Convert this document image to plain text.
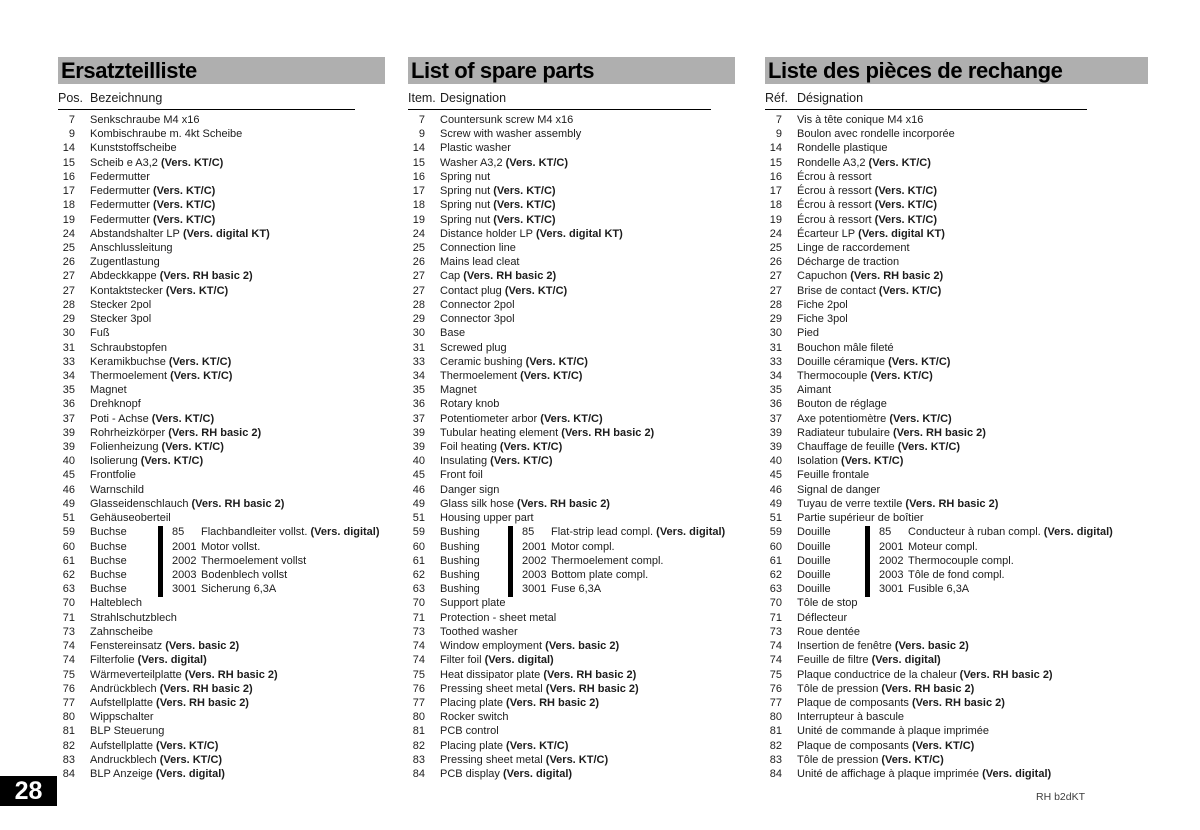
Ersatzteilliste
Pos. Bezeichnung
7 Senkschraube M4 x16
9 Kombischraube m. 4kt Scheibe
14 Kunststoffscheibe
15 Scheib e A3,2 (Vers. KT/C)
16 Federmutter
17 Federmutter (Vers. KT/C)
18 Federmutter (Vers. KT/C)
19 Federmutter (Vers. KT/C)
24 Abstandshalter LP (Vers. digital KT)
25 Anschlussleitung
26 Zugentlastung
27 Abdeckkappe (Vers. RH basic 2)
27 Kontaktstecker (Vers. KT/C)
28 Stecker 2pol
29 Stecker 3pol
30 Fuß
31 Schraubstopfen
33 Keramikbuchse (Vers. KT/C)
34 Thermoelement (Vers. KT/C)
35 Magnet
36 Drehknopf
37 Poti - Achse (Vers. KT/C)
39 Rohrheizkörper (Vers. RH basic 2)
39 Folienheizung (Vers. KT/C)
40 Isolierung (Vers. KT/C)
45 Frontfolie
46 Warnschild
49 Glasseidenschlauch (Vers. RH basic 2)
51 Gehäuseoberteil
59 Buchse	85	Flachbandleiter vollst. (Vers. digital)
60 Buchse	2001 Motor vollst.
61 Buchse	2002 Thermoelement vollst
62 Buchse	2003 Bodenblech vollst
63 Buchse	3001 Sicherung 6,3A
70 Halteblech
71 Strahlschutzblech
73 Zahnscheibe
74 Fenstereinsatz (Vers. basic 2)
74 Filterfolie (Vers. digital)
75 Wärmeverteilplatte (Vers. RH basic 2)
76 Andrückblech (Vers. RH basic 2)
77 Aufstellplatte (Vers. RH basic 2)
80 Wippschalter
81 BLP Steuerung
82 Aufstellplatte (Vers. KT/C)
83 Andruckblech (Vers. KT/C)
84 BLP Anzeige (Vers. digital)
List of spare parts
Item. Designation
7 Countersunk screw M4 x16
9 Screw with washer assembly
14 Plastic washer
15 Washer A3,2 (Vers. KT/C)
16 Spring nut
17 Spring nut (Vers. KT/C)
18 Spring nut (Vers. KT/C)
19 Spring nut (Vers. KT/C)
24 Distance holder LP (Vers. digital KT)
25 Connection line
26 Mains lead cleat
27 Cap (Vers. RH basic 2)
27 Contact plug (Vers. KT/C)
28 Connector 2pol
29 Connector 3pol
30 Base
31 Screwed plug
33 Ceramic bushing (Vers. KT/C)
34 Thermoelement (Vers. KT/C)
35 Magnet
36 Rotary knob
37 Potentiometer arbor (Vers. KT/C)
39 Tubular heating element (Vers. RH basic 2)
39 Foil heating (Vers. KT/C)
40 Insulating (Vers. KT/C)
45 Front foil
46 Danger sign
49 Glass silk hose (Vers. RH basic 2)
51 Housing upper part
59 Bushing	85	Flat-strip lead compl. (Vers. digital)
60 Bushing	2001 Motor compl.
61 Bushing	2002 Thermoelement compl.
62 Bushing	2003 Bottom plate compl.
63 Bushing	3001 Fuse 6,3A
70 Support plate
71 Protection - sheet metal
73 Toothed washer
74 Window employment (Vers. basic 2)
74 Filter foil (Vers. digital)
75 Heat dissipator plate (Vers. RH basic 2)
76 Pressing sheet metal (Vers. RH basic 2)
77 Placing plate (Vers. RH basic 2)
80 Rocker switch
81 PCB control
82 Placing plate (Vers. KT/C)
83 Pressing sheet metal (Vers. KT/C)
84 PCB display (Vers. digital)
Liste des pièces de rechange
Réf. Désignation
7 Vis à tête conique M4 x16
9 Boulon avec rondelle incorporée
14 Rondelle plastique
15 Rondelle A3,2 (Vers. KT/C)
16 Écrou à ressort
17 Écrou à ressort (Vers. KT/C)
18 Écrou à ressort (Vers. KT/C)
19 Écrou à ressort (Vers. KT/C)
24 Écarteur LP (Vers. digital KT)
25 Linge de raccordement
26 Décharge de traction
27 Capuchon (Vers. RH basic 2)
27 Brise de contact (Vers. KT/C)
28 Fiche 2pol
29 Fiche 3pol
30 Pied
31 Bouchon mâle fileté
33 Douille céramique (Vers. KT/C)
34 Thermocouple (Vers. KT/C)
35 Aimant
36 Bouton de réglage
37 Axe potentiomètre (Vers. KT/C)
39 Radiateur tubulaire (Vers. RH basic 2)
39 Chauffage de feuille (Vers. KT/C)
40 Isolation (Vers. KT/C)
45 Feuille frontale
46 Signal de danger
49 Tuyau de verre textile (Vers. RH basic 2)
51 Partie supérieur de boîtier
59 Douille	85	Conducteur à ruban compl. (Vers. digital)
60 Douille	2001 Moteur compl.
61 Douille	2002 Thermocouple compl.
62 Douille	2003 Tôle de fond compl.
63 Douille	3001 Fusible 6,3A
70 Tôle de stop
71 Déflecteur
73 Roue dentée
74 Insertion de fenêtre (Vers. basic 2)
74 Feuille de filtre (Vers. digital)
75 Plaque conductrice de la chaleur (Vers. RH basic 2)
76 Tôle de pression (Vers. RH basic 2)
77 Plaque de composants (Vers. RH basic 2)
80 Interrupteur à bascule
81 Unité de commande à plaque imprimée
82 Plaque de composants (Vers. KT/C)
83 Tôle de pression (Vers. KT/C)
84 Unité de affichage à plaque imprimée (Vers. digital)
28	RH b2dKT
